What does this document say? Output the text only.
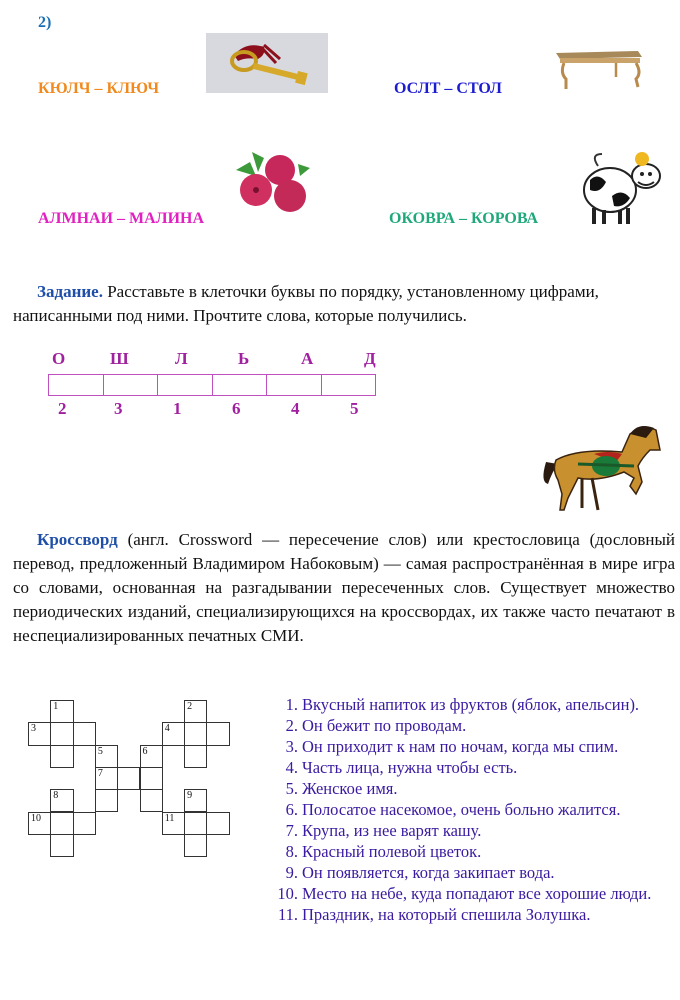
2)
КЮЛЧ – КЛЮЧ	ОСЛТ – СТОЛ
АЛМНАИ – МАЛИНА	ОКОВРА – КОРОВА
Задание. Расставьте в клеточки буквы по порядку, установленному цифрами, написанными под ними. Прочтите слова, которые получились.
О	Ш	Л	Ь	А	Д
2	3	1	6	4	5
Кроссворд (англ. Crossword — пересечение слов) или крестословица (дословный перевод, предложенный Владимиром Набоковым) — самая распространённая в мире игра со словами, основанная на разгадывании пересеченных слов. Существует множество периодических изданий, специализирующихся на кроссвордах, их также часто печатают в неспециализированных печатных СМИ.
1	2
3	4
5
7
6
8	9
10	11
1. Вкусный напиток из фруктов (яблок, апельсин).
2. Он бежит по проводам.
3. Он приходит к нам по ночам, когда мы спим.
4. Часть лица, нужна чтобы есть.
5. Женское имя.
6. Полосатое насекомое, очень больно жалится.
7. Крупа, из нее варят кашу.
8. Красный полевой цветок.
9. Он появляется, когда закипает вода.
10. Место на небе, куда попадают все хорошие люди.
11. Праздник, на который спешила Золушка.
